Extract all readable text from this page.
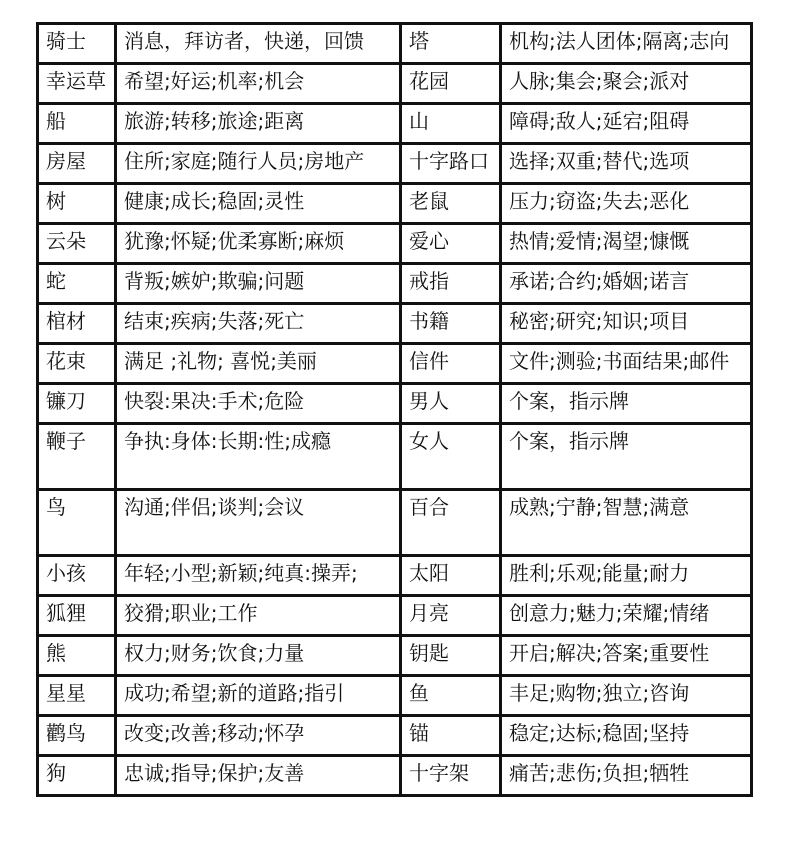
骑士	消息，拜访者，快递，回馈	塔	机构;法人团体;隔离;志向
幸运草	希望;好运;机率;机会	花园	人脉;集会;聚会;派对
船	旅游;转移;旅途;距离	山	障碍;敌人;延宕;阻碍
房屋	住所;家庭;随行人员;房地产	十字路口	选择;双重;替代;选项
树	健康;成长;稳固;灵性	老鼠	压力;窃盗;失去;恶化
云朵	犹豫;怀疑;优柔寡断;麻烦	爱心	热情;爱情;渴望;慷慨
蛇	背叛;嫉妒;欺骗;问题	戒指	承诺;合约;婚姻;诺言
棺材	结束;疾病;失落;死亡	书籍	秘密;研究;知识;项目
花束	满足 ;礼物; 喜悦;美丽	信件	文件;测验;书面结果;邮件
镰刀	快裂:果决:手术;危险	男人	个案，指示牌
鞭子	争执:身体:长期:性;成瘾	女人	个案，指示牌
鸟	沟通;伴侣;谈判;会议	百合	成熟;宁静;智慧;满意
小孩	年轻;小型;新颖;纯真:操弄;	太阳	胜利;乐观;能量;耐力
狐狸	狡猾;职业;工作	月亮	创意力;魅力;荣耀;情绪
熊	权力;财务;饮食;力量	钥匙	开启;解决;答案;重要性
星星	成功;希望;新的道路;指引	鱼	丰足;购物;独立;咨询
鹳鸟	改变;改善;移动;怀孕	锚	稳定;达标;稳固;坚持
狗	忠诚;指导;保护;友善	十字架	痛苦;悲伤;负担;牺牲
